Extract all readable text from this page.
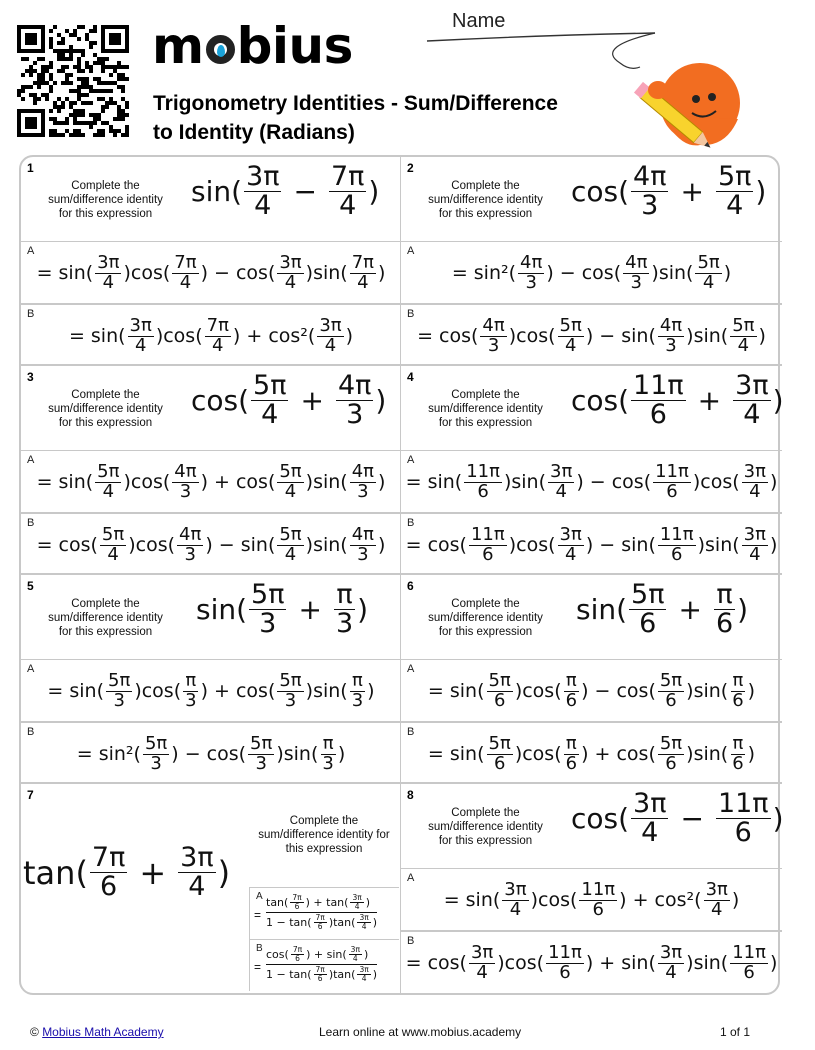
m bius
Trigonometry Identities - Sum/Difference
to Identity (Radians)
Name
1
Complete the
sum/difference identity
for this expression
$\sin( \frac{3\pi}{4} - \frac{7\pi}{4}$ )
A
= $\sin( \frac{3\pi}{4} )\cos( \frac{7\pi}{4}$ ) − $\cos( \frac{3\pi}{4} )\sin( \frac{7\pi}{4}$ )
B
= $\sin( \frac{3\pi}{4} )\cos( \frac{7\pi}{4}$ ) + $\cos^2( \frac{3\pi}{4}$ )
2
Complete the
sum/difference identity
for this expression
$\cos( \frac{4\pi}{3} + \frac{5\pi}{4}$ )
A
= $\sin^2( \frac{4\pi}{3}$ ) − $\cos( \frac{4\pi}{3} )\sin( \frac{5\pi}{4}$ )
B
= $\cos( \frac{4\pi}{3} )\cos( \frac{5\pi}{4}$ ) − $\sin( \frac{4\pi}{3} )\sin( \frac{5\pi}{4}$ )
3
Complete the
sum/difference identity
for this expression
$\cos( \frac{5\pi}{4} + \frac{4\pi}{3}$ )
A
= $\sin( \frac{5\pi}{4} )\cos( \frac{4\pi}{3}$ ) + $\cos( \frac{5\pi}{4} )\sin( \frac{4\pi}{3}$ )
B
= $\cos( \frac{5\pi}{4} )\cos( \frac{4\pi}{3}$ ) − $\sin( \frac{5\pi}{4} )\sin( \frac{4\pi}{3}$ )
4
Complete the
sum/difference identity
for this expression
$\cos( \frac{11\pi}{6} + \frac{3\pi}{4}$ )
A
= $\sin( \frac{11\pi}{6} )\sin( \frac{3\pi}{4}$ ) − $\cos( \frac{11\pi}{6} )\cos( \frac{3\pi}{4}$ )
B
= $\cos( \frac{11\pi}{6} )\cos( \frac{3\pi}{4}$ ) − $\sin( \frac{11\pi}{6} )\sin( \frac{3\pi}{4}$ )
5
Complete the
sum/difference identity
for this expression
$\sin( \frac{5\pi}{3} + \frac{\pi}{3}$ )
A
= $\sin( \frac{5\pi}{3} )\cos( \frac{\pi}{3}$ ) + $\cos( \frac{5\pi}{3} )\sin( \frac{\pi}{3}$ )
B
= $\sin^2( \frac{5\pi}{3}$ ) − $\cos( \frac{5\pi}{3} )\sin( \frac{\pi}{3}$ )
6
Complete the
sum/difference identity
for this expression
$\sin( \frac{5\pi}{6} + \frac{\pi}{6}$ )
A
= $\sin( \frac{5\pi}{6} )\cos( \frac{\pi}{6}$ ) − $\cos( \frac{5\pi}{6} )\sin( \frac{\pi}{6}$ )
B
= $\sin( \frac{5\pi}{6} )\cos( \frac{\pi}{6}$ ) + $\cos( \frac{5\pi}{6} )\sin( \frac{\pi}{6}$ )
7
$\tan( \frac{7\pi}{6} + \frac{3\pi}{4}$ )
Complete the
sum/difference identity for
this expression
A
= $\frac{\tan( \frac{7\pi}{6} ) + \tan( \frac{3\pi}{4} )}{1 - \tan( \frac{7\pi}{6} )\tan( \frac{3\pi}{4} )}$
B
= $\frac{\cos( \frac{7\pi}{6} ) + \sin( \frac{3\pi}{4} )}{1 - \tan( \frac{7\pi}{6} )\tan( \frac{3\pi}{4} )}$
8
Complete the
sum/difference identity
for this expression
$\cos( \frac{3\pi}{4} - \frac{11\pi}{6}$ )
A
= $\sin( \frac{3\pi}{4} )\cos( \frac{11\pi}{6}$ ) + $\cos^2( \frac{3\pi}{4}$ )
B
= $\cos( \frac{3\pi}{4} )\cos( \frac{11\pi}{6}$ ) + $\sin( \frac{3\pi}{4} )\sin( \frac{11\pi}{6}$ )
© Mobius Math Academy	Learn online at www.mobius.academy	1 of 1
